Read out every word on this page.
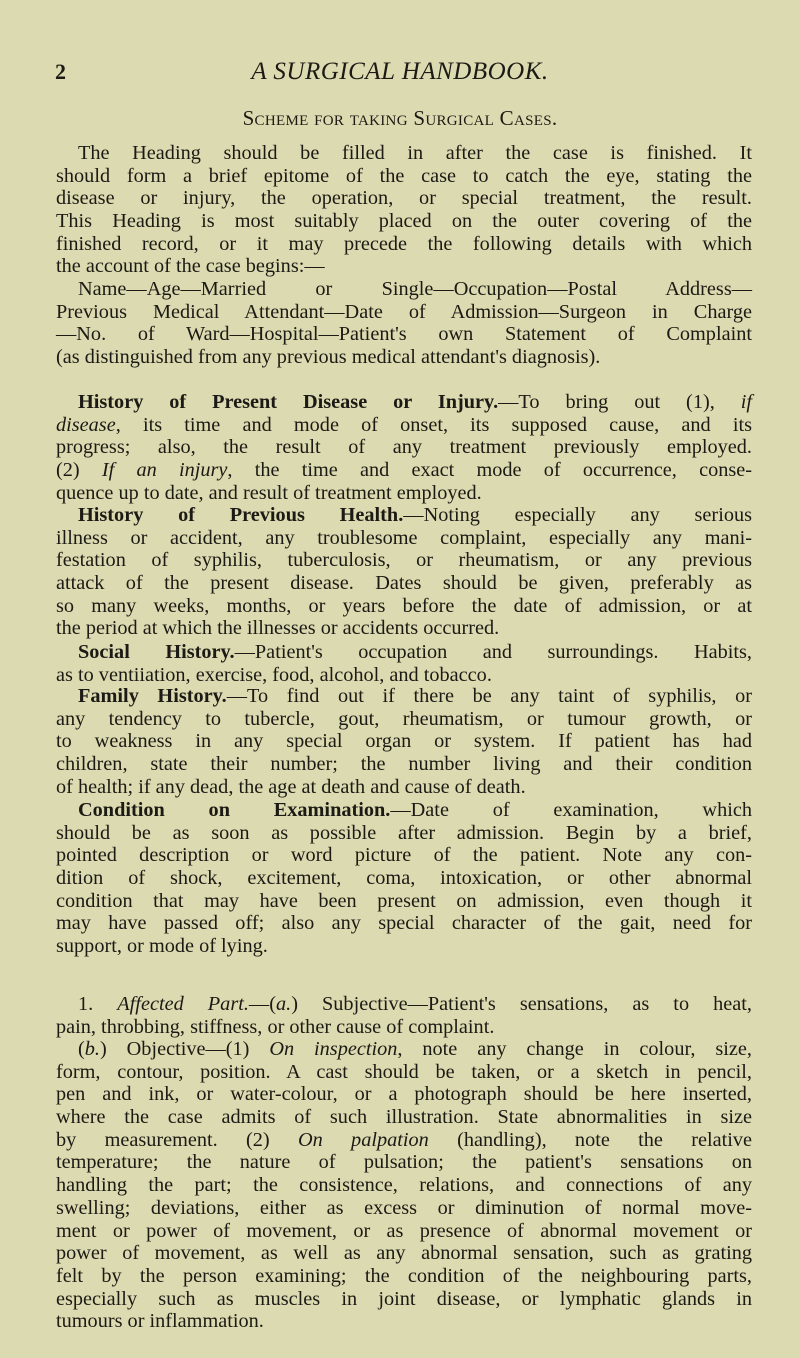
2	A SURGICAL HANDBOOK.
Scheme for taking Surgical Cases.
The Heading should be filled in after the case is finished. It
should form a brief epitome of the case to catch the eye, stating the
disease or injury, the operation, or special treatment, the result.
This Heading is most suitably placed on the outer covering of the
finished record, or it may precede the following details with which
the account of the case begins:—
Name—Age—Married or Single—Occupation—Postal Address—
Previous Medical Attendant—Date of Admission—Surgeon in Charge
—No. of Ward—Hospital—Patient's own Statement of Complaint
(as distinguished from any previous medical attendant's diagnosis).
History of Present Disease or Injury.—To bring out (1), if
disease, its time and mode of onset, its supposed cause, and its
progress; also, the result of any treatment previously employed.
(2) If an injury, the time and exact mode of occurrence, conse-
quence up to date, and result of treatment employed.
History of Previous Health.—Noting especially any serious
illness or accident, any troublesome complaint, especially any mani-
festation of syphilis, tuberculosis, or rheumatism, or any previous
attack of the present disease. Dates should be given, preferably as
so many weeks, months, or years before the date of admission, or at
the period at which the illnesses or accidents occurred.
Social History.—Patient's occupation and surroundings. Habits,
as to ventiiation, exercise, food, alcohol, and tobacco.
Family History.—To find out if there be any taint of syphilis, or
any tendency to tubercle, gout, rheumatism, or tumour growth, or
to weakness in any special organ or system. If patient has had
children, state their number; the number living and their condition
of health; if any dead, the age at death and cause of death.
Condition on Examination.—Date of examination, which
should be as soon as possible after admission. Begin by a brief,
pointed description or word picture of the patient. Note any con-
dition of shock, excitement, coma, intoxication, or other abnormal
condition that may have been present on admission, even though it
may have passed off; also any special character of the gait, need for
support, or mode of lying.
1. Affected Part.—(a.) Subjective—Patient's sensations, as to heat,
pain, throbbing, stiffness, or other cause of complaint.
(b.) Objective—(1) On inspection, note any change in colour, size,
form, contour, position. A cast should be taken, or a sketch in pencil,
pen and ink, or water-colour, or a photograph should be here inserted,
where the case admits of such illustration. State abnormalities in size
by measurement. (2) On palpation (handling), note the relative
temperature; the nature of pulsation; the patient's sensations on
handling the part; the consistence, relations, and connections of any
swelling; deviations, either as excess or diminution of normal move-
ment or power of movement, or as presence of abnormal movement or
power of movement, as well as any abnormal sensation, such as grating
felt by the person examining; the condition of the neighbouring parts,
especially such as muscles in joint disease, or lymphatic glands in
tumours or inflammation.
